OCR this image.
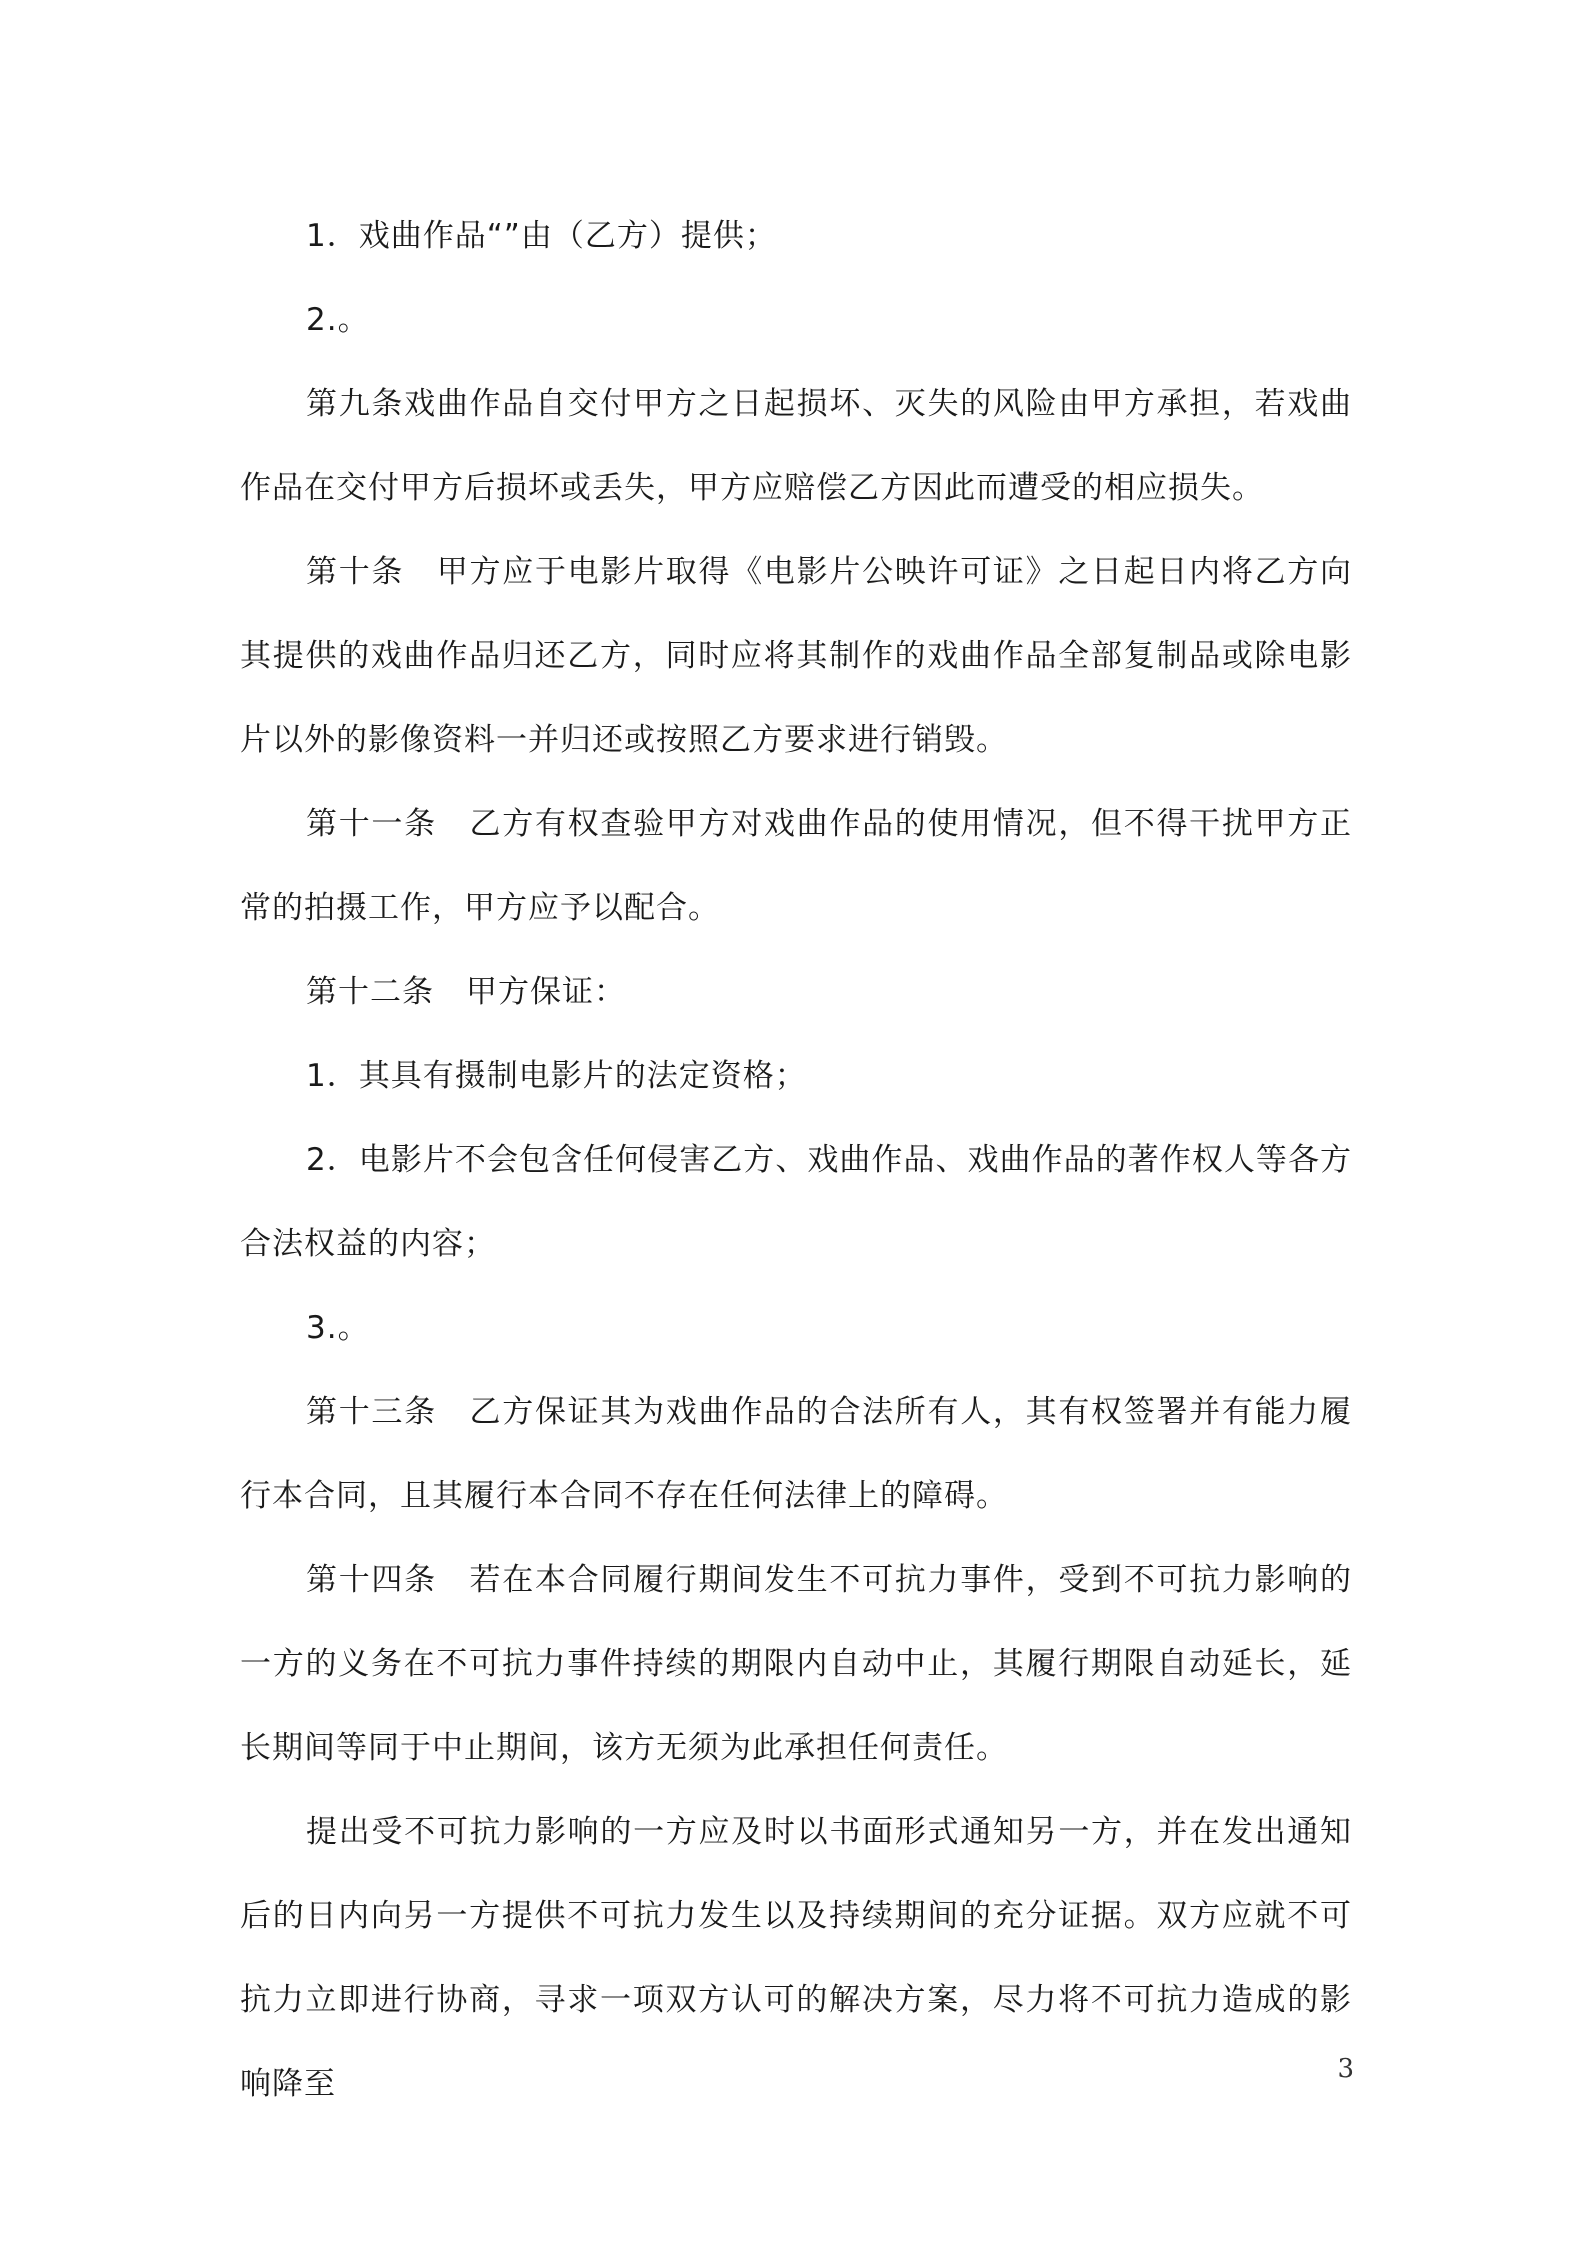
1．戏曲作品“”由（乙方）提供；

2.。

第九条戏曲作品自交付甲方之日起损坏、灭失的风险由甲方承担，若戏曲作品在交付甲方后损坏或丢失，甲方应赔偿乙方因此而遭受的相应损失。

第十条　甲方应于电影片取得《电影片公映许可证》之日起日内将乙方向其提供的戏曲作品归还乙方，同时应将其制作的戏曲作品全部复制品或除电影片以外的影像资料一并归还或按照乙方要求进行销毁。

第十一条　乙方有权查验甲方对戏曲作品的使用情况，但不得干扰甲方正常的拍摄工作，甲方应予以配合。

第十二条　甲方保证：

1．其具有摄制电影片的法定资格；

2．电影片不会包含任何侵害乙方、戏曲作品、戏曲作品的著作权人等各方合法权益的内容；

3.。

第十三条　乙方保证其为戏曲作品的合法所有人，其有权签署并有能力履行本合同，且其履行本合同不存在任何法律上的障碍。

第十四条　若在本合同履行期间发生不可抗力事件，受到不可抗力影响的一方的义务在不可抗力事件持续的期限内自动中止，其履行期限自动延长，延长期间等同于中止期间，该方无须为此承担任何责任。

提出受不可抗力影响的一方应及时以书面形式通知另一方，并在发出通知后的日内向另一方提供不可抗力发生以及持续期间的充分证据。双方应就不可抗力立即进行协商，寻求一项双方认可的解决方案，尽力将不可抗力造成的影响降至	3
